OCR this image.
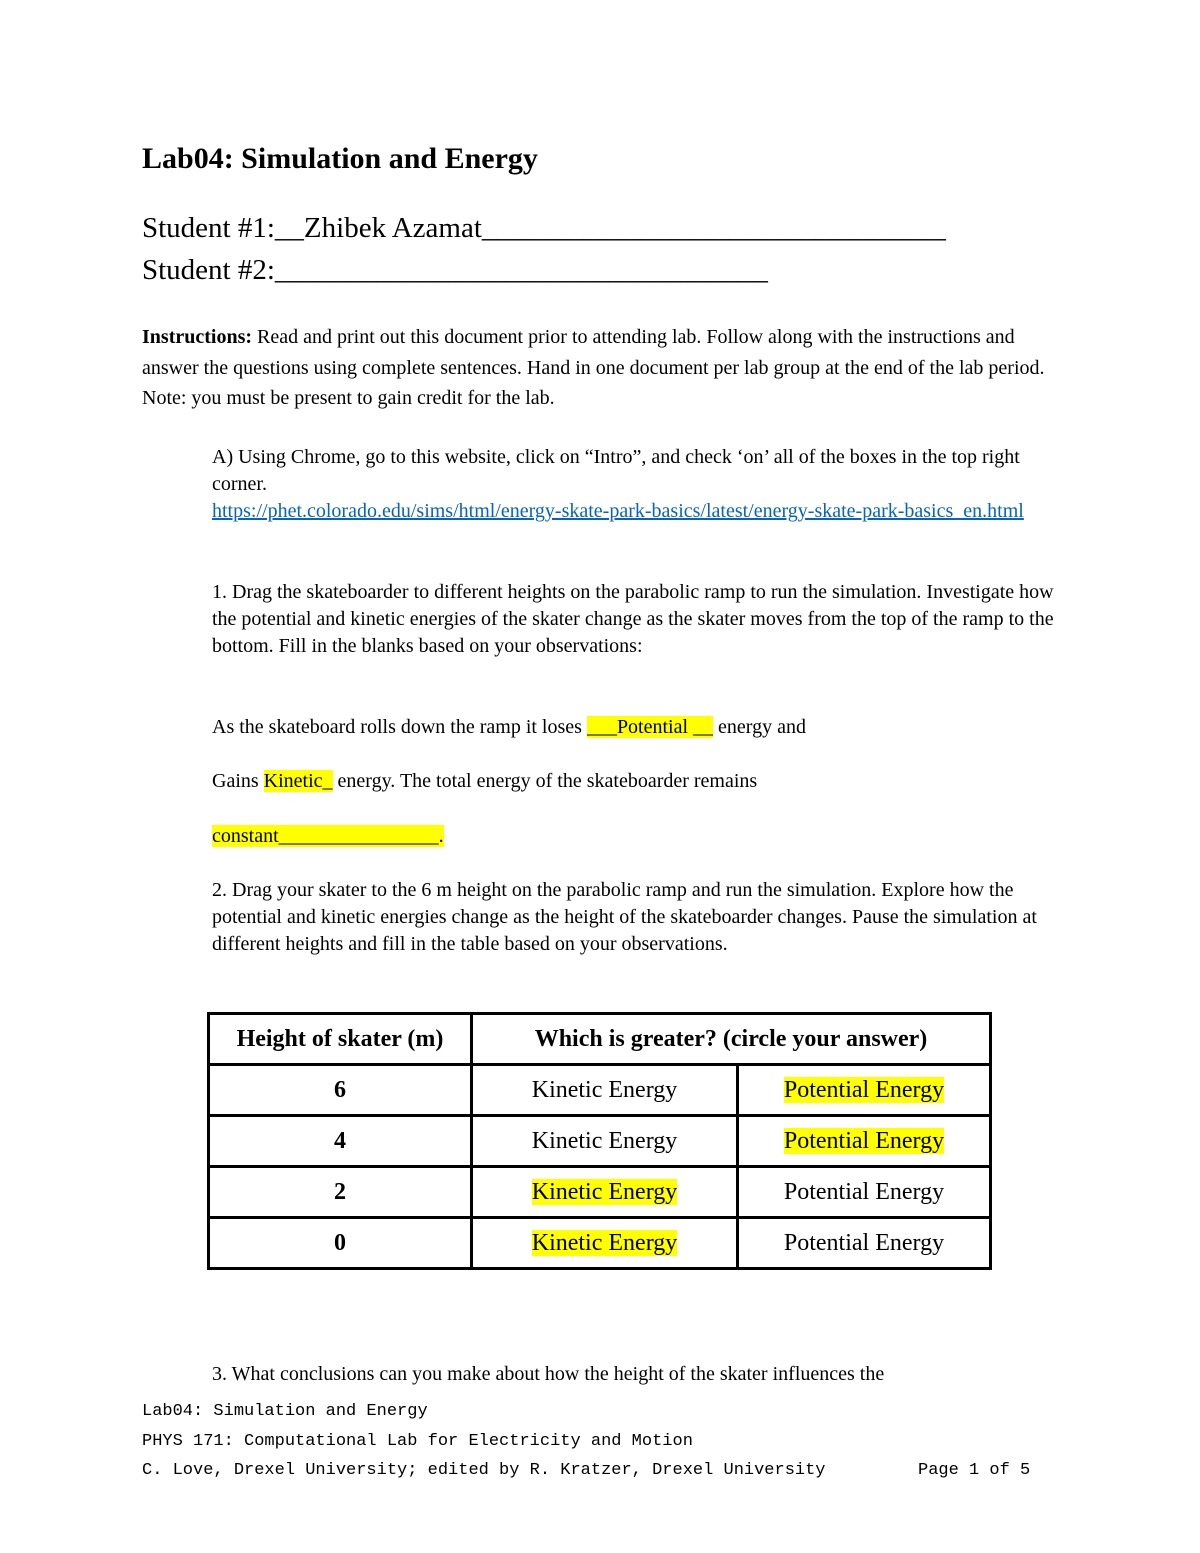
Lab04: Simulation and Energy
Student #1:__Zhibek Azamat________________________________
Student #2:__________________________________
Instructions: Read and print out this document prior to attending lab. Follow along with the instructions and answer the questions using complete sentences. Hand in one document per lab group at the end of the lab period. Note: you must be present to gain credit for the lab.
A) Using Chrome, go to this website, click on “Intro”, and check ‘on’ all of the boxes in the top right corner.
https://phet.colorado.edu/sims/html/energy-skate-park-basics/latest/energy-skate-park-basics_en.html
1. Drag the skateboarder to different heights on the parabolic ramp to run the simulation. Investigate how the potential and kinetic energies of the skater change as the skater moves from the top of the ramp to the bottom. Fill in the blanks based on your observations:
As the skateboard rolls down the ramp it loses ___Potential __ energy and
Gains Kinetic_ energy. The total energy of the skateboarder remains
constant________________.
2. Drag your skater to the 6 m height on the parabolic ramp and run the simulation. Explore how the potential and kinetic energies change as the height of the skateboarder changes. Pause the simulation at different heights and fill in the table based on your observations.
Height of skater (m)	Which is greater? (circle your answer)	
6	Kinetic Energy	Potential Energy
4	Kinetic Energy	Potential Energy
2	Kinetic Energy	Potential Energy
0	Kinetic Energy	Potential Energy
3. What conclusions can you make about how the height of the skater influences the
Lab04: Simulation and Energy
PHYS 171: Computational Lab for Electricity and Motion
C. Love, Drexel University; edited by R. Kratzer, Drexel University	Page 1 of 5
